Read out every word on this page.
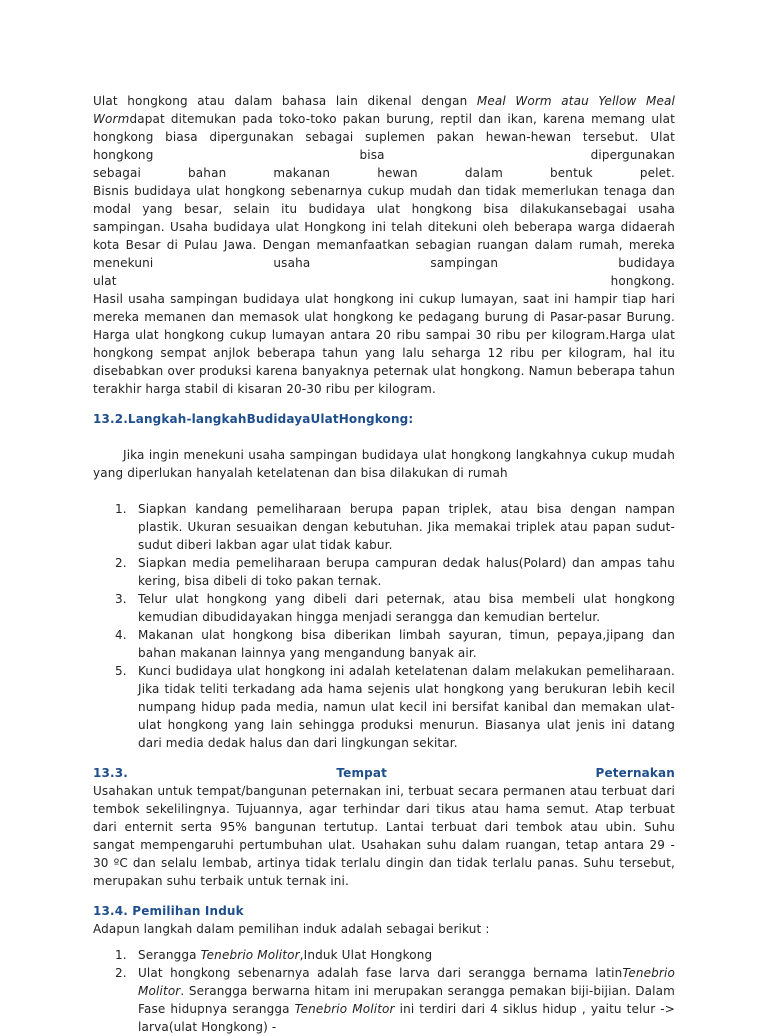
Ulat hongkong atau dalam bahasa lain dikenal dengan Meal Worm atau Yellow Meal Wormdapat ditemukan pada toko-toko pakan burung, reptil dan ikan, karena memang ulat hongkong biasa dipergunakan sebagai suplemen pakan hewan-hewan tersebut. Ulat hongkong bisa dipergunakan

sebagai bahan makanan hewan dalam bentuk pelet.

Bisnis budidaya ulat hongkong sebenarnya cukup mudah dan tidak memerlukan tenaga dan modal yang besar, selain itu budidaya ulat hongkong bisa dilakukansebagai usaha sampingan. Usaha budidaya ulat Hongkong ini telah ditekuni oleh beberapa warga didaerah kota Besar di Pulau Jawa. Dengan memanfaatkan sebagian ruangan dalam rumah, mereka menekuni usaha sampingan budidaya

ulat hongkong.

Hasil usaha sampingan budidaya ulat hongkong ini cukup lumayan, saat ini hampir tiap hari mereka memanen dan memasok ulat hongkong ke pedagang burung di Pasar-pasar Burung. Harga ulat hongkong cukup lumayan antara 20 ribu sampai 30 ribu per kilogram.Harga ulat hongkong sempat anjlok beberapa tahun yang lalu seharga 12 ribu per kilogram, hal itu disebabkan over produksi karena banyaknya peternak ulat hongkong. Namun beberapa tahun terakhir harga stabil di kisaran 20-30 ribu per kilogram.

13.2.Langkah-langkahBudidayaUlatHongkong:

Jika ingin menekuni usaha sampingan budidaya ulat hongkong langkahnya cukup mudah yang diperlukan hanyalah ketelatenan dan bisa dilakukan di rumah

1. Siapkan kandang pemeliharaan berupa papan triplek, atau bisa dengan nampan plastik. Ukuran sesuaikan dengan kebutuhan. Jika memakai triplek atau papan sudut-sudut diberi lakban agar ulat tidak kabur.
2. Siapkan media pemeliharaan berupa campuran dedak halus(Polard) dan ampas tahu kering, bisa dibeli di toko pakan ternak.
3. Telur ulat hongkong yang dibeli dari peternak, atau bisa membeli ulat hongkong kemudian dibudidayakan hingga menjadi serangga dan kemudian bertelur.
4. Makanan ulat hongkong bisa diberikan limbah sayuran, timun, pepaya,jipang dan bahan makanan lainnya yang mengandung banyak air.
5. Kunci budidaya ulat hongkong ini adalah ketelatenan dalam melakukan pemeliharaan. Jika tidak teliti terkadang ada hama sejenis ulat hongkong yang berukuran lebih kecil numpang hidup pada media, namun ulat kecil ini bersifat kanibal dan memakan ulat-ulat hongkong yang lain sehingga produksi menurun. Biasanya ulat jenis ini datang dari media dedak halus dan dari lingkungan sekitar.
13.3. Tempat Peternakan

Usahakan untuk tempat/bangunan peternakan ini, terbuat secara permanen atau terbuat dari tembok sekelilingnya. Tujuannya, agar terhindar dari tikus atau hama semut. Atap terbuat dari enternit serta 95% bangunan tertutup. Lantai terbuat dari tembok atau ubin. Suhu sangat mempengaruhi pertumbuhan ulat. Usahakan suhu dalam ruangan, tetap antara 29 - 30 ºC dan selalu lembab, artinya tidak terlalu dingin dan tidak terlalu panas. Suhu tersebut, merupakan suhu terbaik untuk ternak ini.

13.4. Pemilihan Induk

Adapun langkah dalam pemilihan induk adalah sebagai berikut :

1. Serangga Tenebrio Molitor,Induk Ulat Hongkong
2. Ulat hongkong sebenarnya adalah fase larva dari serangga bernama latinTenebrio Molitor. Serangga berwarna hitam ini merupakan serangga pemakan biji-bijian. Dalam Fase hidupnya serangga Tenebrio Molitor ini terdiri dari 4 siklus hidup , yaitu telur -> larva(ulat Hongkong) -
